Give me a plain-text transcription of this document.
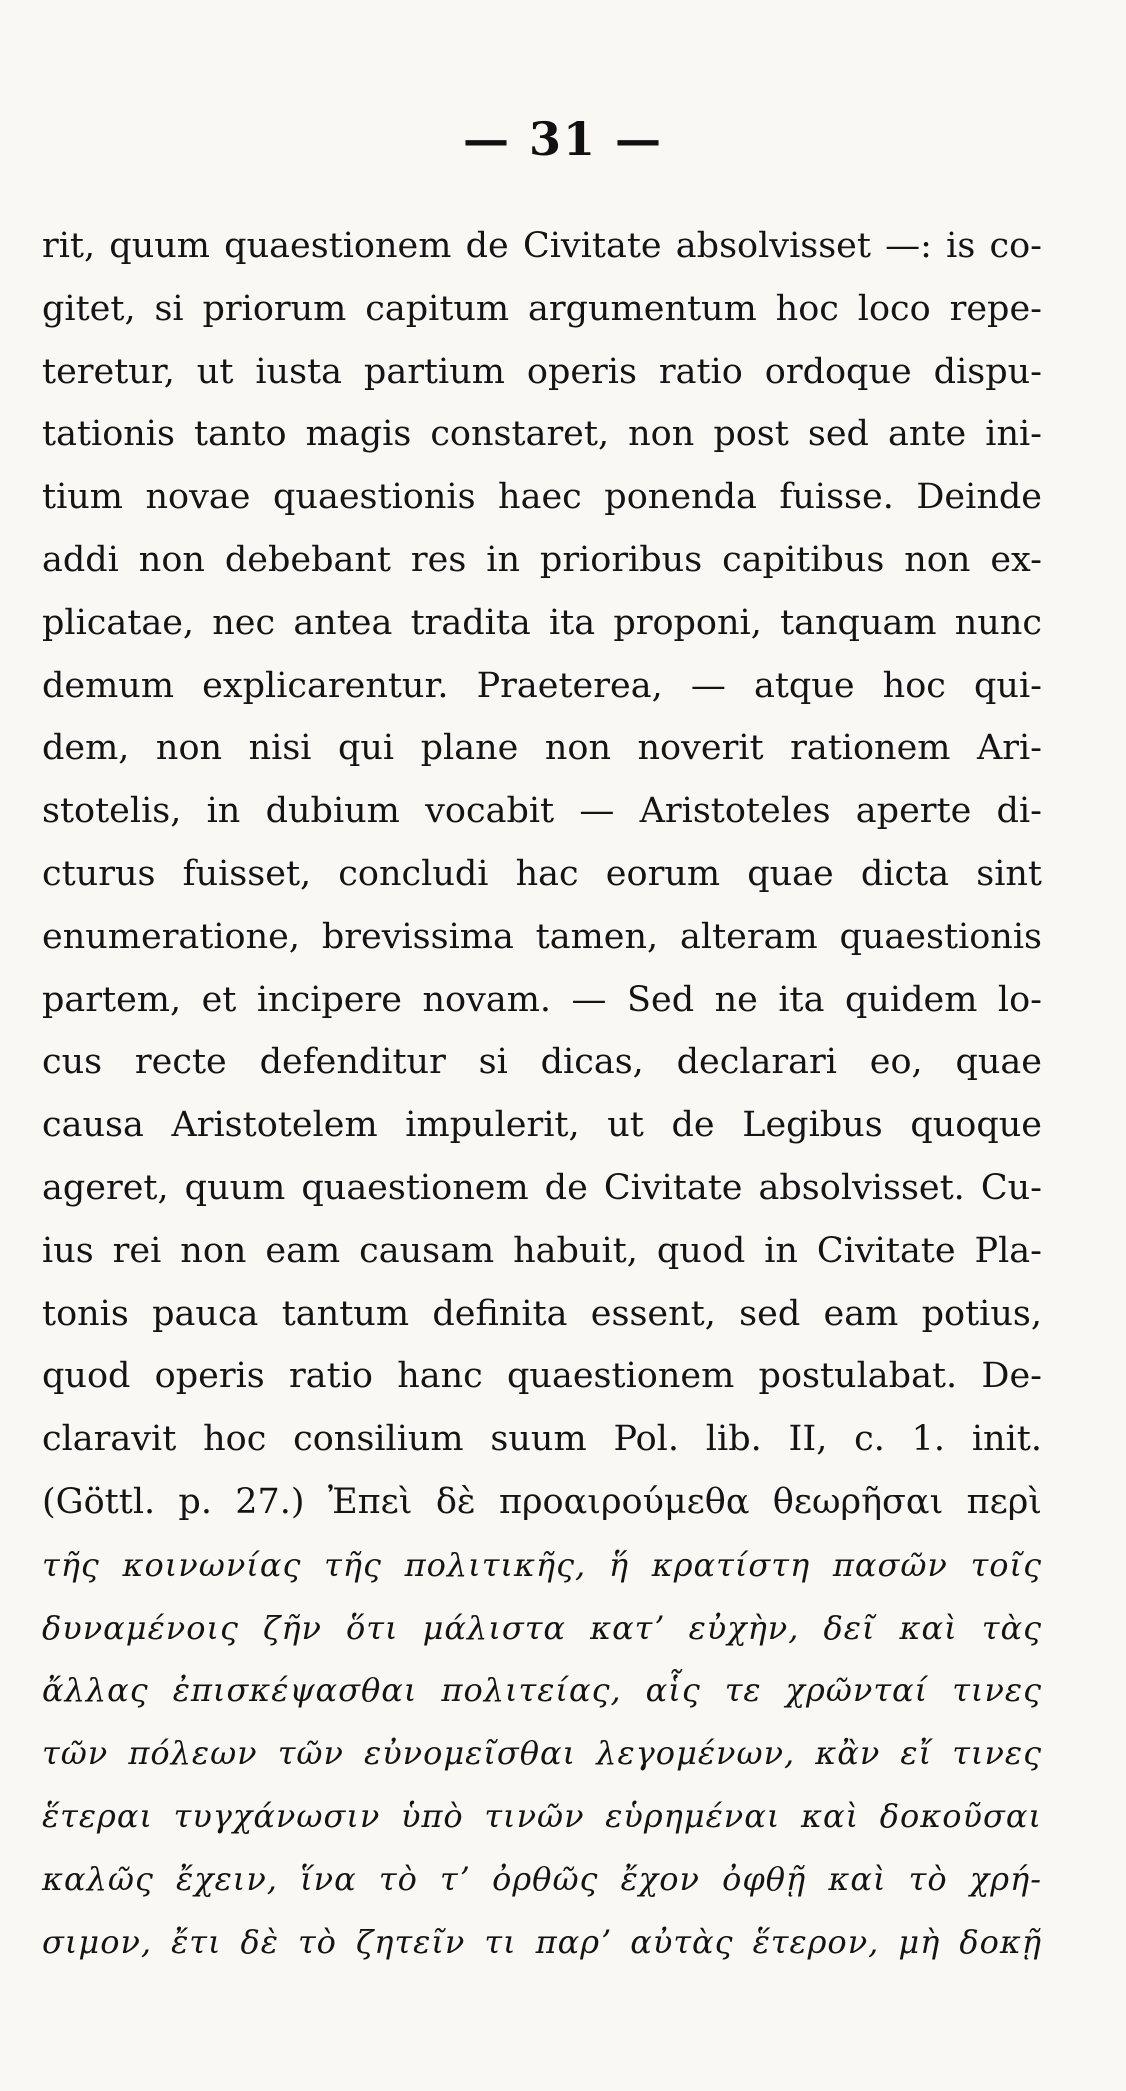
— 31 —
rit, quum quaestionem de Civitate absolvisset —: is co-
gitet, si priorum capitum argumentum hoc loco repe-
teretur, ut iusta partium operis ratio ordoque dispu-
tationis tanto magis constaret, non post sed ante ini-
tium novae quaestionis haec ponenda fuisse. Deinde
addi non debebant res in prioribus capitibus non ex-
plicatae, nec antea tradita ita proponi, tanquam nunc
demum explicarentur. Praeterea, — atque hoc qui-
dem, non nisi qui plane non noverit rationem Ari-
stotelis, in dubium vocabit — Aristoteles aperte di-
cturus fuisset, concludi hac eorum quae dicta sint
enumeratione, brevissima tamen, alteram quaestionis
partem, et incipere novam. — Sed ne ita quidem lo-
cus recte defenditur si dicas, declarari eo, quae
causa Aristotelem impulerit, ut de Legibus quoque
ageret, quum quaestionem de Civitate absolvisset. Cu-
ius rei non eam causam habuit, quod in Civitate Pla-
tonis pauca tantum definita essent, sed eam potius,
quod operis ratio hanc quaestionem postulabat. De-
claravit hoc consilium suum Pol. lib. II, c. 1. init.
(Göttl. p. 27.) Ἐπεὶ δὲ προαιρούμεθα θεωρῆσαι περὶ
τῆς κοινωνίας τῆς πολιτικῆς, ἥ κρατίστη πασῶν τοῖς
δυναμένοις ζῆν ὅτι μάλιστα κατʼ εὐχὴν, δεῖ καὶ τὰς
ἄλλας ἐπισκέψασθαι πολιτείας, αἷς τε χρῶνταί τινες
τῶν πόλεων τῶν εὐνομεῖσθαι λεγομένων, κἂν εἴ τινες
ἕτεραι τυγχάνωσιν ὑπὸ τινῶν εὑρημέναι καὶ δοκοῦσαι
καλῶς ἔχειν, ἵνα τὸ τʼ ὀρθῶς ἔχον ὀφθῇ καὶ τὸ χρή-
σιμον, ἔτι δὲ τὸ ζητεῖν τι παρʼ αὐτὰς ἕτερον, μὴ δοκῇ
